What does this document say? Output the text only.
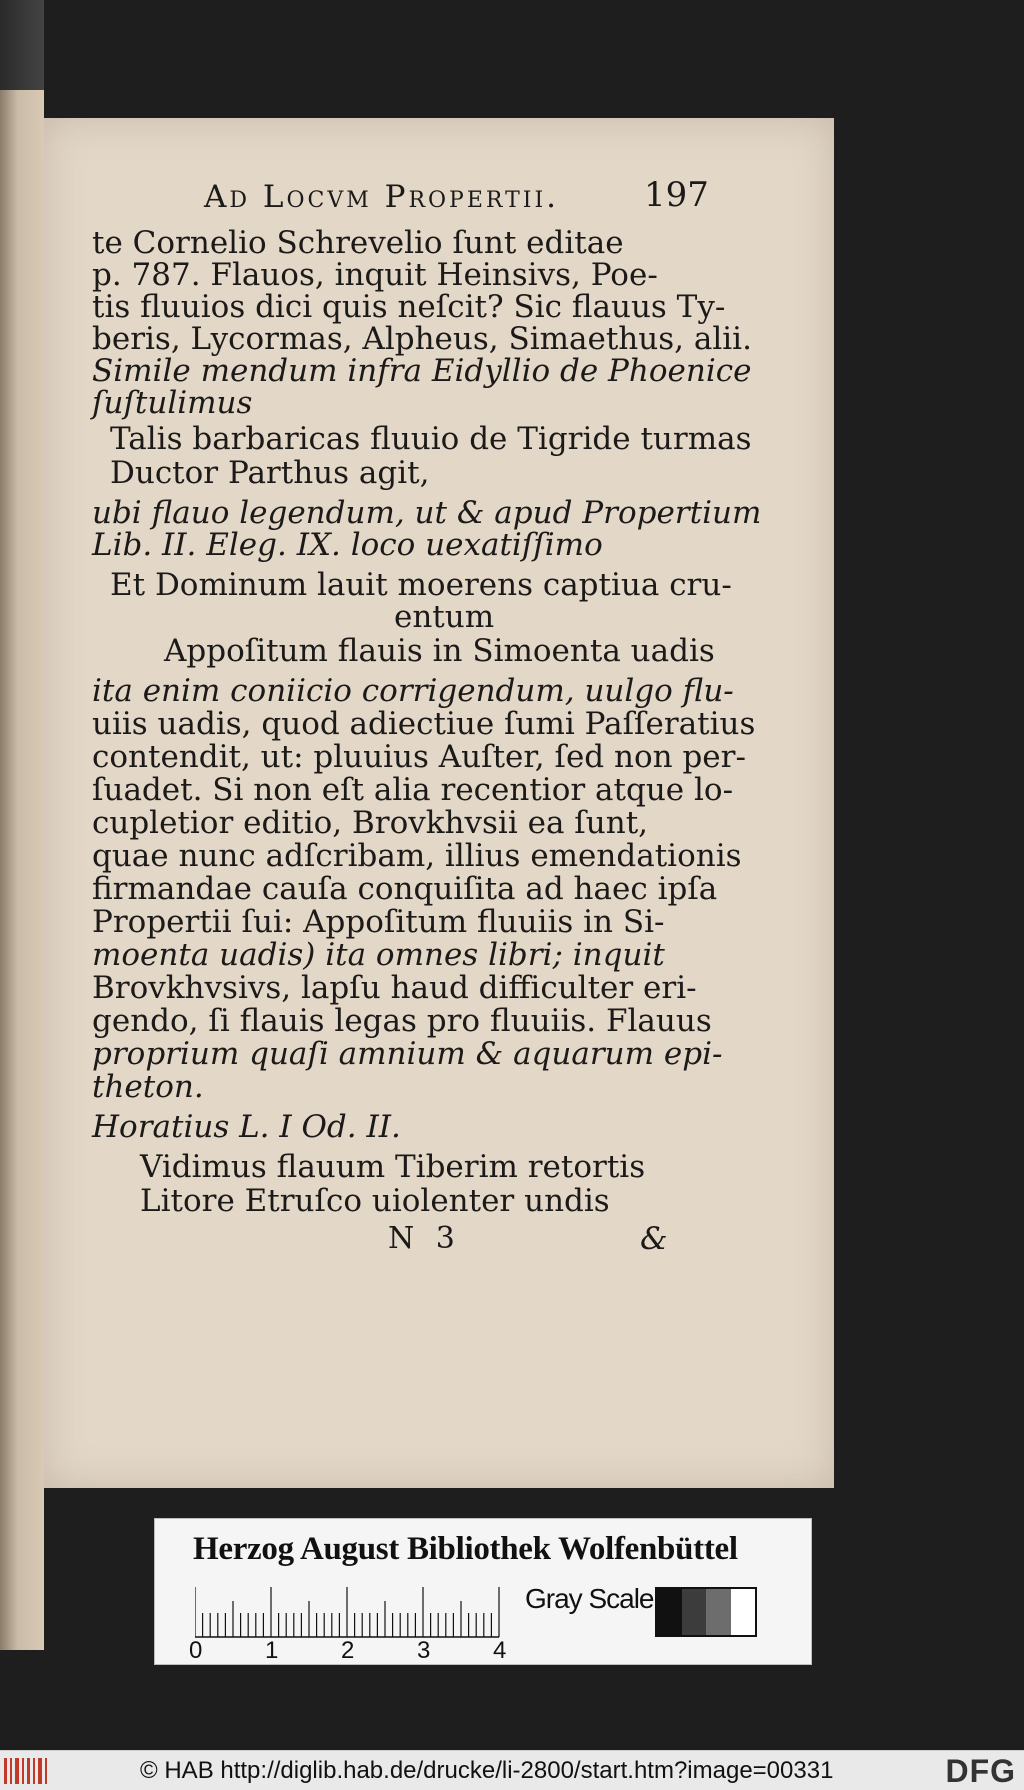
Ad Locvm Propertii. 197
te Cornelio Schrevelio ſunt editae
p. 787. Flauos, inquit Heinsivs, Poe-
tis fluuios dici quis neſcit? Sic flauus Ty-
beris, Lycormas, Alpheus, Simaethus, alii.
Simile mendum infra Eidyllio de Phoenice
ſuſtulimus
Talis barbaricas fluuio de Tigride turmas
Ductor Parthus agit,
ubi flauo legendum, ut & apud Propertium
Lib. II. Eleg. IX. loco uexatiſſimo
Et Dominum lauit moerens captiua cru-
entum
Appoſitum flauis in Simoenta uadis
ita enim coniicio corrigendum, uulgo flu-
uiis uadis, quod adiectiue ſumi Paſſeratius
contendit, ut: pluuius Auſter, ſed non per-
ſuadet. Si non eſt alia recentior atque lo-
cupletior editio, Brovkhvsii ea ſunt,
quae nunc adſcribam, illius emendationis
firmandae cauſa conquiſita ad haec ipſa
Propertii ſui: Appoſitum fluuiis in Si-
moenta uadis) ita omnes libri; inquit
Brovkhvsivs, lapſu haud difficulter eri-
gendo, ſi flauis legas pro fluuiis. Flauus
proprium quaſi amnium & aquarum epi-
theton.
Horatius L. I Od. II.
Vidimus flauum Tiberim retortis
Litore Etruſco uiolenter undis
N 3	&
Herzog August Bibliothek Wolfenbüttel
0	1	2	3	4
Gray Scale
© HAB http://diglib.hab.de/drucke/li-2800/start.htm?image=00331	DFG
